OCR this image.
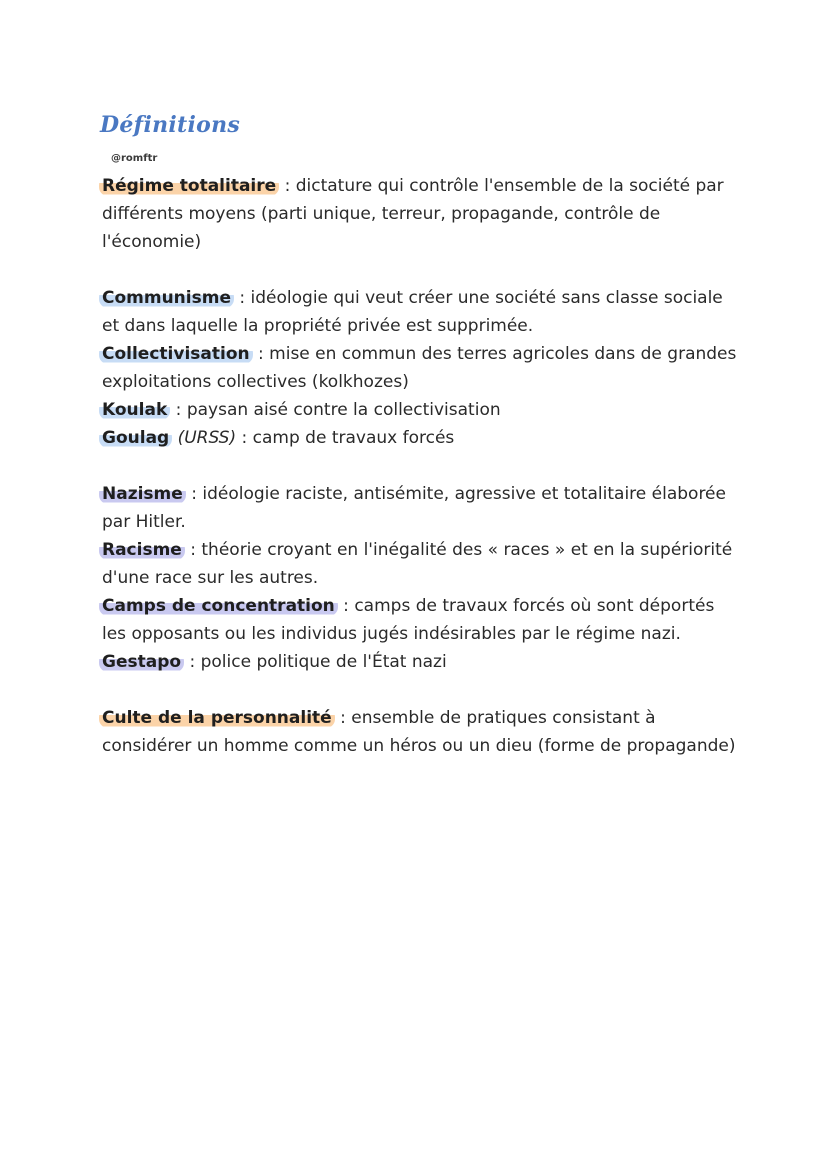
Définitions
@romftr

Régime totalitaire : dictature qui contrôle l'ensemble de la société par différents moyens (parti unique, terreur, propagande, contrôle de l'économie)

Communisme : idéologie qui veut créer une société sans classe sociale et dans laquelle la propriété privée est supprimée.

Collectivisation : mise en commun des terres agricoles dans de grandes exploitations collectives (kolkhozes)

Koulak : paysan aisé contre la collectivisation

Goulag (URSS) : camp de travaux forcés

Nazisme : idéologie raciste, antisémite, agressive et totalitaire élaborée par Hitler.

Racisme : théorie croyant en l'inégalité des « races » et en la supériorité d'une race sur les autres.

Camps de concentration : camps de travaux forcés où sont déportés les opposants ou les individus jugés indésirables par le régime nazi.

Gestapo : police politique de l'État nazi

Culte de la personnalité : ensemble de pratiques consistant à considérer un homme comme un héros ou un dieu (forme de propagande)
